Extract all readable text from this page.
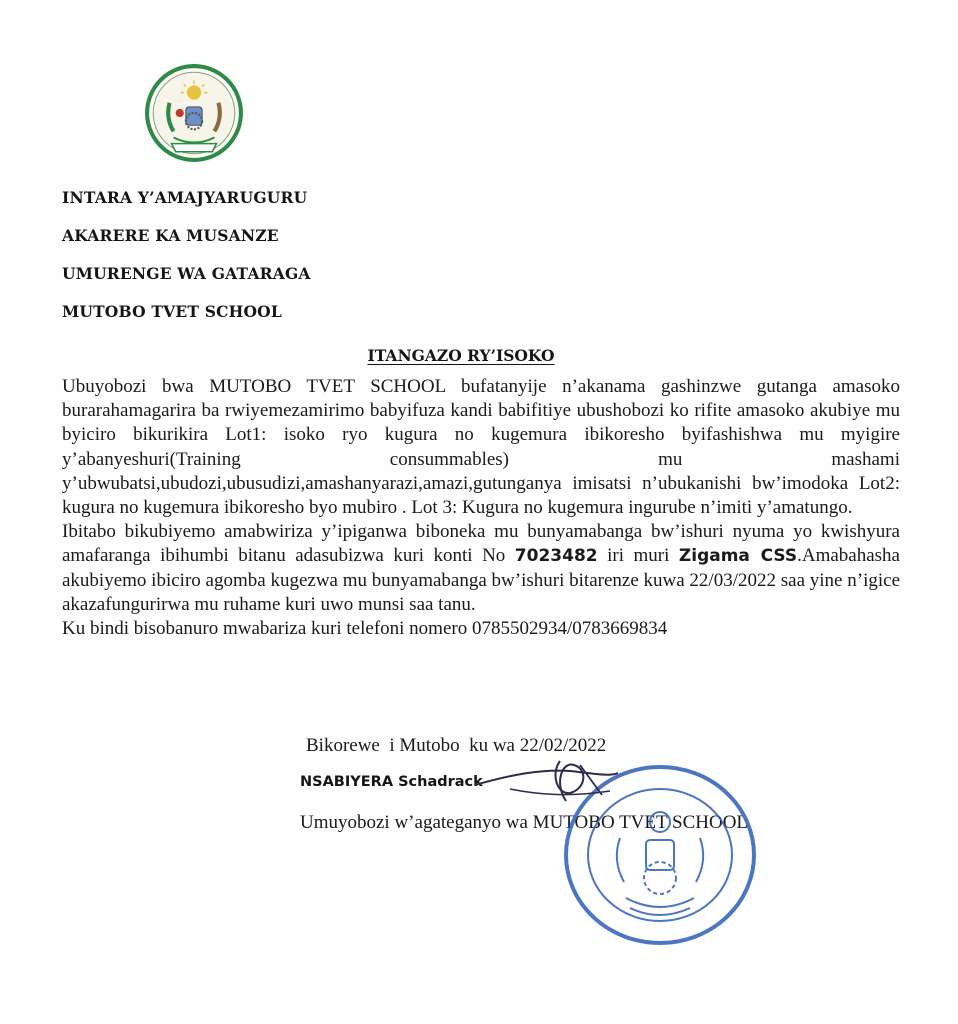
INTARA Y’AMAJYARUGURU
AKARERE KA MUSANZE
UMURENGE WA GATARAGA
MUTOBO TVET SCHOOL
ITANGAZO RY’ISOKO

Ubuyobozi bwa MUTOBO TVET SCHOOL bufatanyije n’akanama gashinzwe gutanga amasoko burarahamagarira ba rwiyemezamirimo babyifuza kandi babifitiye ubushobozi ko rifite amasoko akubiye mu byiciro bikurikira Lot1: isoko ryo kugura no kugemura ibikoresho byifashishwa mu myigire y’abanyeshuri(Training consummables) mu mashami y’ubwubatsi,ubudozi,ubusudizi,amashanyarazi,amazi,gutunganya imisatsi n’ubukanishi bw’imodoka Lot2: kugura no kugemura ibikoresho byo mubiro . Lot 3: Kugura no kugemura ingurube n’imiti y’amatungo.

Ibitabo bikubiyemo amabwiriza y’ipiganwa biboneka mu bunyamabanga bw’ishuri nyuma yo kwishyura amafaranga ibihumbi bitanu adasubizwa kuri konti No 7023482 iri muri Zigama CSS.Amabahasha akubiyemo ibiciro agomba kugezwa mu bunyamabanga bw’ishuri bitarenze kuwa 22/03/2022 saa yine n’igice akazafungurirwa mu ruhame kuri uwo munsi saa tanu.

Ku bindi bisobanuro mwabariza kuri telefoni nomero 0785502934/0783669834

Bikorewe  i Mutobo  ku wa 22/02/2022
NSABIYERA Schadrack
Umuyobozi w’agateganyo wa MUTOBO TVET SCHOOL
